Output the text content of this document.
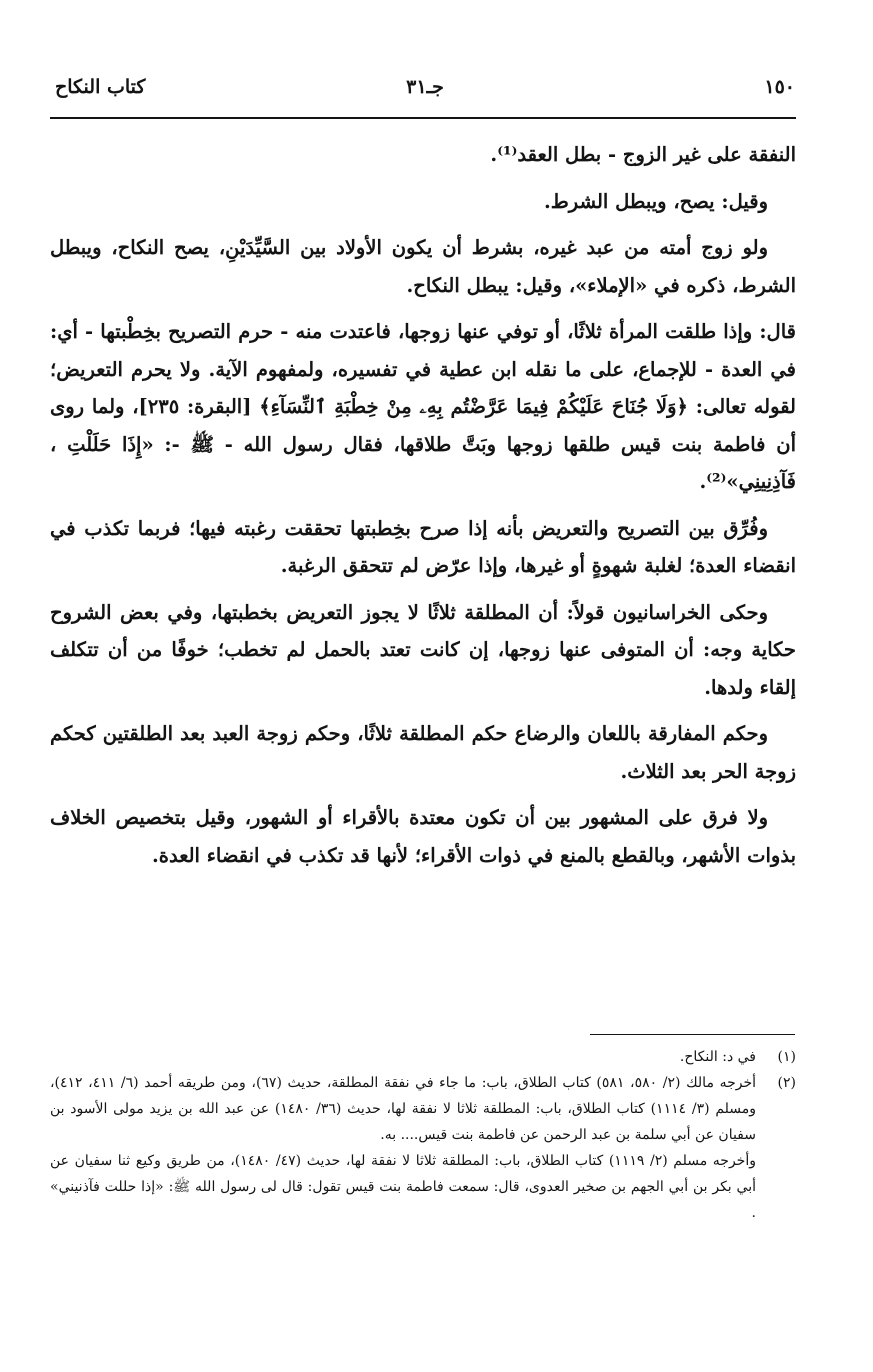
١٥٠
جـ٣١
كتاب النكاح

النفقة على غير الزوج - بطل العقد⁽¹⁾.

وقيل: يصح، ويبطل الشرط.

ولو زوج أمته من عبد غيره، بشرط أن يكون الأولاد بين السَّيِّدَيْنِ، يصح النكاح، ويبطل الشرط، ذكره في «الإملاء»، وقيل: يبطل النكاح.

قال: وإذا طلقت المرأة ثلاثًا، أو توفي عنها زوجها، فاعتدت منه - حرم التصريح بخِطْبتها - أي: في العدة - للإجماع، على ما نقله ابن عطية في تفسيره، ولمفهوم الآية. ولا يحرم التعريض؛ لقوله تعالى: ﴿وَلَا جُنَاحَ عَلَيْكُمْ فِيمَا عَرَّضْتُم بِهِۦ مِنْ خِطْبَةِ ٱلنِّسَآءِ﴾ [البقرة: ٢٣٥]، ولما روى أن فاطمة بنت قيس طلقها زوجها وبَتَّ طلاقها، فقال رسول الله - ﷺ -: «إِذَا حَلَلْتِ ، فَآذِنِينِي»⁽²⁾.

وفُرِّق بين التصريح والتعريض بأنه إذا صرح بخِطبتها تحققت رغبته فيها؛ فربما تكذب في انقضاء العدة؛ لغلبة شهوةٍ أو غيرها، وإذا عرّض لم تتحقق الرغبة.

وحكى الخراسانيون قولاً: أن المطلقة ثلاثًا لا يجوز التعريض بخطبتها، وفي بعض الشروح حكاية وجه: أن المتوفى عنها زوجها، إن كانت تعتد بالحمل لم تخطب؛ خوفًا من أن تتكلف إلقاء ولدها.

وحكم المفارقة باللعان والرضاع حكم المطلقة ثلاثًا، وحكم زوجة العبد بعد الطلقتين كحكم زوجة الحر بعد الثلاث.

ولا فرق على المشهور بين أن تكون معتدة بالأقراء أو الشهور، وقيل بتخصيص الخلاف بذوات الأشهر، وبالقطع بالمنع في ذوات الأقراء؛ لأنها قد تكذب في انقضاء العدة.

(١)

في د: النكاح.

(٢)

أخرجه مالك (٢/ ٥٨٠، ٥٨١) كتاب الطلاق، باب: ما جاء في نفقة المطلقة، حديث (٦٧)، ومن طريقه أحمد (٦/ ٤١١، ٤١٢)، ومسلم (٣/ ١١١٤) كتاب الطلاق، باب: المطلقة ثلاثا لا نفقة لها، حديث (٣٦/ ١٤٨٠) عن عبد الله بن يزيد مولى الأسود بن سفيان عن أبي سلمة بن عبد الرحمن عن فاطمة بنت قيس.... به.

وأخرجه مسلم (٢/ ١١١٩) كتاب الطلاق، باب: المطلقة ثلاثا لا نفقة لها، حديث (٤٧/ ١٤٨٠)، من طريق وكيع ثنا سفيان عن أبي بكر بن أبي الجهم بن صخير العدوى، قال: سمعت فاطمة بنت قيس تقول: قال لى رسول الله ﷺ: «إذا حللت فآذنيني» .
